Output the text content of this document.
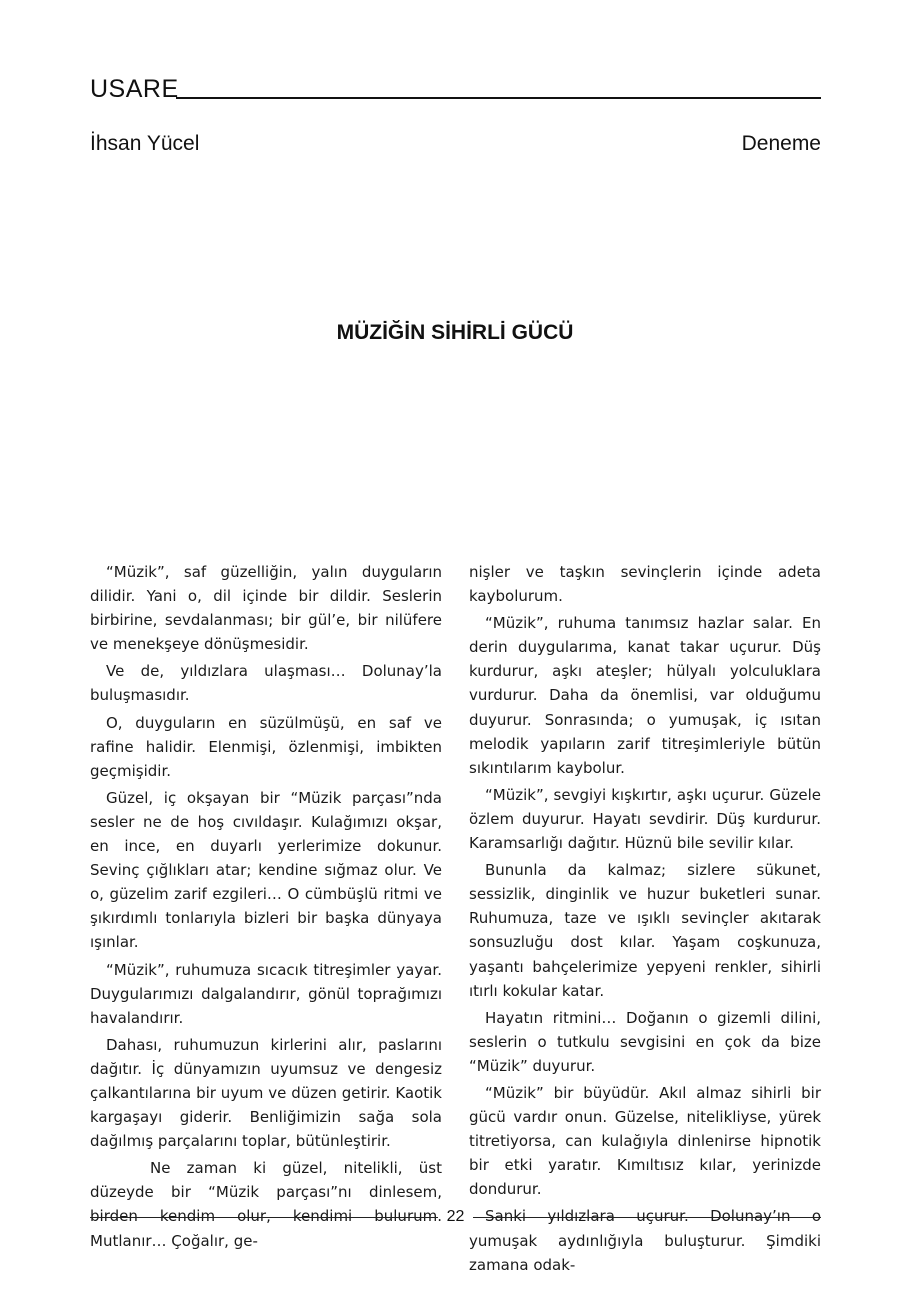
USARE
İhsan Yücel	Deneme
MÜZİĞİN SİHİRLİ GÜCÜ

“Müzik”, saf güzelliğin, yalın duyguların dilidir. Yani o, dil içinde bir dildir. Seslerin birbirine, sevdalanması; bir gül’e, bir nilüfere ve menekşeye dönüşmesidir.

Ve de, yıldızlara ulaşması… Dolunay’la buluşmasıdır.

O, duyguların en süzülmüşü, en saf ve rafine halidir. Elenmişi, özlenmişi, imbikten geçmişidir.

Güzel, iç okşayan bir “Müzik parçası”nda sesler ne de hoş cıvıldaşır. Kulağımızı okşar, en ince, en duyarlı yerlerimize dokunur. Sevinç çığlıkları atar; kendine sığmaz olur. Ve o, güzelim zarif ezgileri… O cümbüşlü ritmi ve şıkırdımlı tonlarıyla bizleri bir başka dünyaya ışınlar.

“Müzik”, ruhumuza sıcacık titreşimler yayar. Duygularımızı dalgalandırır, gönül toprağımızı havalandırır.

Dahası, ruhumuzun kirlerini alır, paslarını dağıtır. İç dünyamızın uyumsuz ve dengesiz çalkantılarına bir uyum ve düzen getirir. Kaotik kargaşayı giderir. Benliğimizin sağa sola dağılmış parçalarını toplar, bütünleştirir.

Ne zaman ki güzel, nitelikli, üst düzeyde bir “Müzik parçası”nı dinlesem, birden kendim olur, kendimi bulurum. Mutlanır… Çoğalır, ge-

nişler ve taşkın sevinçlerin içinde adeta kaybolurum.

“Müzik”, ruhuma tanımsız hazlar salar. En derin duygularıma, kanat takar uçurur. Düş kurdurur, aşkı ateşler; hülyalı yolculuklara vurdurur. Daha da önemlisi, var olduğumu duyurur. Sonrasında; o yumuşak, iç ısıtan melodik yapıların zarif titreşimleriyle bütün sıkıntılarım kaybolur.

“Müzik”, sevgiyi kışkırtır, aşkı uçurur. Güzele özlem duyurur. Hayatı sevdirir. Düş kurdurur. Karamsarlığı dağıtır. Hüznü bile sevilir kılar.

Bununla da kalmaz; sizlere sükunet, sessizlik, dinginlik ve huzur buketleri sunar. Ruhumuza, taze ve ışıklı sevinçler akıtarak sonsuzluğu dost kılar. Yaşam coşkunuza, yaşantı bahçelerimize yepyeni renkler, sihirli ıtırlı kokular katar.

Hayatın ritmini… Doğanın o gizemli dilini, seslerin o tutkulu sevgisini en çok da bize “Müzik” duyurur.

“Müzik” bir büyüdür. Akıl almaz sihirli bir gücü vardır onun. Güzelse, nitelikliyse, yürek titretiyorsa, can kulağıyla dinlenirse hipnotik bir etki yaratır. Kımıltısız kılar, yerinizde dondurur.

Sanki yıldızlara uçurur. Dolunay’ın o yumuşak aydınlığıyla buluşturur. Şimdiki zamana odak-

22
